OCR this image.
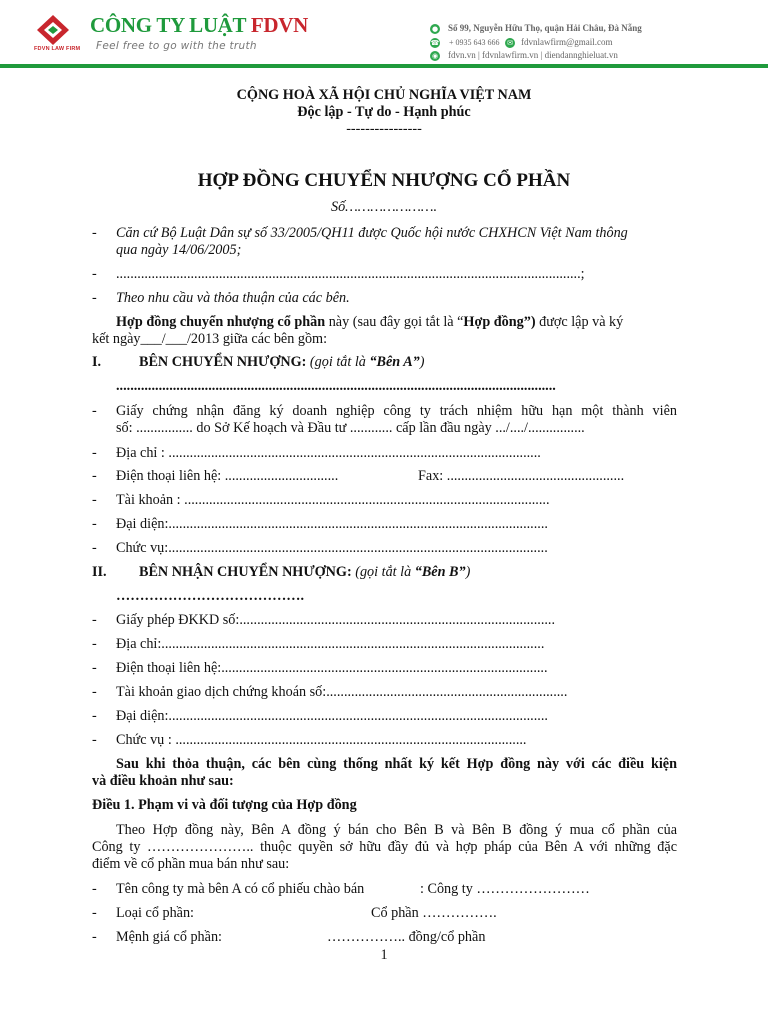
FDVN LAW FIRM
CÔNG TY LUẬT FDVN
Feel free to go with the truth
● Số 99, Nguyễn Hữu Thọ, quận Hải Châu, Đà Nẵng
☎ + 0935 643 666 ✉ fdvnlawfirm@gmail.com
◉ fdvn.vn | fdvnlawfirm.vn | diendannghieluat.vn
CỘNG HOÀ XÃ HỘI CHỦ NGHĨA VIỆT NAM
Độc lập - Tự do - Hạnh phúc
----------------
HỢP ĐỒNG CHUYỂN NHƯỢNG CỔ PHẦN
Số………………….
- Căn cứ Bộ Luật Dân sự số 33/2005/QH11 được Quốc hội nước CHXHCN Việt Nam thông
qua ngày 14/06/2005;
- ...................................................................................................................................;
- Theo nhu cầu và thỏa thuận của các bên.
Hợp đồng chuyển nhượng cổ phần này (sau đây gọi tắt là “Hợp đồng”) được lập và ký
kết ngày___/___/2013 giữa các bên gồm:
I.	BÊN CHUYỂN NHƯỢNG: (gọi tắt là “Bên A”)
............................................................................................................................
- Giấy chứng nhận đăng ký doanh nghiệp công ty trách nhiệm hữu hạn một thành viên
số: ................ do Sở Kế hoạch và Đầu tư ............ cấp lần đầu ngày .../..../................
- Địa chỉ : .........................................................................................................
- Điện thoại liên hệ: ................................	Fax: ..................................................
- Tài khoản : .......................................................................................................
- Đại diện:...........................................................................................................
- Chức vụ:...........................................................................................................
II. BÊN NHẬN CHUYỂN NHƯỢNG: (gọi tắt là “Bên B”)
………………………………….
- Giấy phép ĐKKD số:.........................................................................................
- Địa chỉ:............................................................................................................
- Điện thoại liên hệ:............................................................................................
- Tài khoản giao dịch chứng khoán số:....................................................................
- Đại diện:...........................................................................................................
- Chức vụ : ...................................................................................................
Sau khi thỏa thuận, các bên cùng thống nhất ký kết Hợp đồng này với các điều kiện
và điều khoản như sau:
Điều 1. Phạm vi và đối tượng của Hợp đồng
Theo Hợp đồng này, Bên A đồng ý bán cho Bên B và Bên B đồng ý mua cổ phần của
Công ty ………………….. thuộc quyền sở hữu đầy đủ và hợp pháp của Bên A với những đặc
điểm về cổ phần mua bán như sau:
- Tên công ty mà bên A có cổ phiếu chào bán	: Công ty ……………………
- Loại cổ phần:	Cổ phần …………….
- Mệnh giá cổ phần:	…………….. đồng/cổ phần
1
